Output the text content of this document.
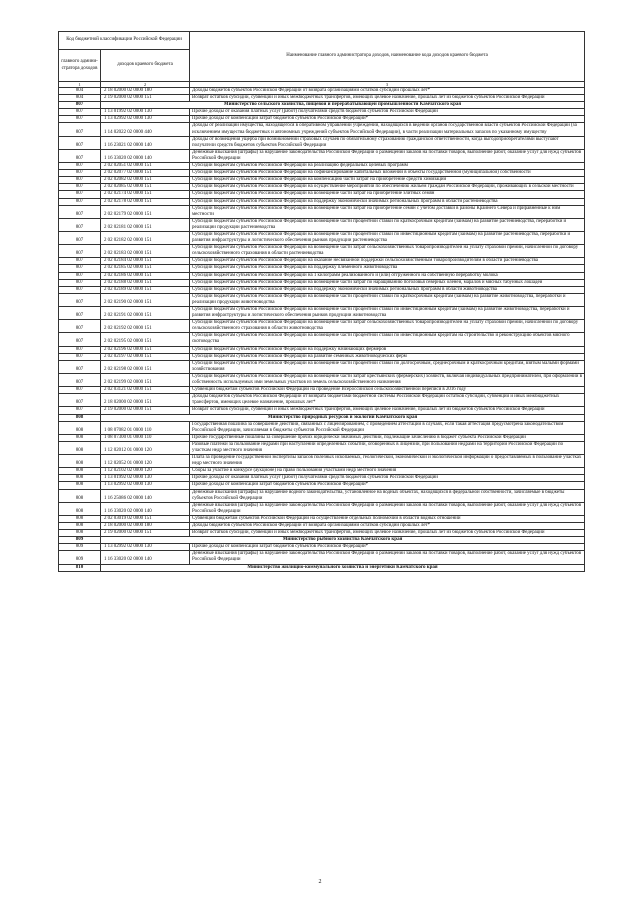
Код бюджетной классификации Российской Федерации		Наименование главного администратора доходов, наименование кода доходов краевого бюджета
главного админи-стратора доходов	доходов краевого бюджета	
1	2	3
804	2 18 02000 02 0000 180	Доходы бюджетов субъектов Российской Федерации от возврата организациями остатков субсидий прошлых лет*
804	2 19 02000 02 0000 151	Возврат остатков субсидий, субвенций и иных межбюджетных трансфертов, имеющих целевое назначение, прошлых лет из бюджетов субъектов Российской Федерации
807	Министерство сельского хозяйства, пищевой и перерабатывающей промышленности Камчатского края	
807	1 13 01992 02 0000 130	Прочие доходы от оказания платных услуг (работ) получателями средств бюджетов субъектов Российской Федерации
807	1 13 02992 02 0000 130	Прочие доходы от компенсации затрат бюджетов субъектов Российской Федерации*
807	1 14 02022 02 0000 440	Доходы от реализации имущества, находящегося в оперативном управлении учреждений, находящихся в ведении органов государственной власти субъектов Российской Федерации (за исключением имущества бюджетных и автономных учреждений субъектов Российской Федерации), в части реализации материальных запасов по указанному имуществу
807	1 16 23021 02 0000 140	Доходы от возмещения ущерба при возникновении страховых случаев по обязательному страхованию гражданской ответственности, когда выгодоприобретателями выступают получатели средств бюджетов субъектов Российской Федерации
807	1 16 33020 02 0000 140	Денежные взыскания (штрафы) за нарушение законодательства Российской Федерации о размещении заказов на поставки товаров, выполнение работ, оказание услуг для нужд субъектов Российской Федерации
807	2 02 02051 02 0000 151	Субсидии бюджетам субъектов Российской Федерации на реализацию федеральных целевых программ
807	2 02 02077 02 0000 151	Субсидии бюджетам субъектов Российской Федерации на софинансирование капитальных вложений в объекты государственной (муниципальной) собственности
807	2 02 02082 02 0000 151	Субсидии бюджетам субъектов Российской Федерации на компенсацию части затрат на приобретение средств химизации
807	2 02 02085 02 0000 151	Субсидии бюджетам субъектов Российской Федерации на осуществление мероприятий по обеспечению жильем граждан Российской Федерации, проживающих в сельской местности
807	2 02 02174 02 0000 151	Субсидии бюджетам субъектов Российской Федерации на возмещение части затрат на приобретение элитных семян
807	2 02 02178 02 0000 151	Субсидии бюджетам субъектов Российской Федерации на поддержку экономически значимых региональных программ в области растениеводства
807	2 02 02179 02 0000 151	Субсидии бюджетам субъектов Российской Федерации на возмещение части затрат на приобретение семян с учетом доставки в районы Крайнего Севера и приравненные к ним местности
807	2 02 02181 02 0000 151	Субсидии бюджетам субъектов Российской Федерации на возмещение части процентной ставки по краткосрочным кредитам (займам) на развитие растениеводства, переработки и реализации продукции растениеводства
807	2 02 02182 02 0000 151	Субсидии бюджетам субъектов Российской Федерации на возмещение части процентной ставки по инвестиционным кредитам (займам) на развитие растениеводства, переработки и развития инфраструктуры и логистического обеспечения рынков продукции растениеводства
807	2 02 02183 02 0000 151	Субсидии бюджетам субъектов Российской Федерации на возмещение части затрат сельскохозяйственных товаропроизводителей на уплату страховой премии, начисленной по договору сельскохозяйственного страхования в области растениеводства
807	2 02 02184 02 0000 151	Субсидии бюджетам субъектов Российской Федерации на оказание несвязанной поддержки сельскохозяйственным товаропроизводителям в области растениеводства
807	2 02 02185 02 0000 151	Субсидии бюджетам субъектов Российской Федерации на поддержку племенного животноводства
807	2 02 02186 02 0000 151	Субсидии бюджетам субъектов Российской Федерации на 1 килограмм реализованного и (или) отгруженного на собственную переработку молока
807	2 02 02188 02 0000 151	Субсидии бюджетам субъектов Российской Федерации на возмещение части затрат по наращиванию поголовья северных оленей, маралов и мясных табунных лошадей
807	2 02 02189 02 0000 151	Субсидии бюджетам субъектов Российской Федерации на поддержку экономически значимых региональных программ в области животноводства
807	2 02 02190 02 0000 151	Субсидии бюджетам субъектов Российской Федерации на возмещение части процентной ставки по краткосрочным кредитам (займам) на развитие животноводства, переработки и реализации продукции животноводства
807	2 02 02191 02 0000 151	Субсидии бюджетам субъектов Российской Федерации на возмещение части процентной ставки по инвестиционным кредитам (займам) на развитие животноводства, переработки и развития инфраструктуры и логистического обеспечения рынков продукции животноводства
807	2 02 02192 02 0000 151	Субсидии бюджетам субъектов Российской Федерации на возмещение части затрат сельскохозяйственных товаропроизводителей на уплату страховой премии, начисленной по договору сельскохозяйственного страхования в области животноводства
807	2 02 02195 02 0000 151	Субсидии бюджетам субъектов Российской Федерации на возмещение части процентной ставки по инвестиционным кредитам на строительство и реконструкцию объектов мясного скотоводства
807	2 02 02196 02 0000 151	Субсидии бюджетам субъектов Российской Федерации на поддержку начинающих фермеров
807	2 02 02197 02 0000 151	Субсидии бюджетам субъектов Российской Федерации на развитие семейных животноводческих ферм
807	2 02 02198 02 0000 151	Субсидии бюджетам субъектов Российской Федерации на возмещение части процентной ставки по долгосрочным, среднесрочным и краткосрочным кредитам, взятым малыми формами хозяйствования
807	2 02 02199 02 0000 151	Субсидии бюджетам субъектов Российской Федерации на возмещение части затрат крестьянских (фермерских) хозяйств, включая индивидуальных предпринимателей, при оформлении в собственность используемых ими земельных участков из земель сельскохозяйственного назначения
807	2 02 03121 02 0000 151	Субвенции бюджетам субъектов Российской Федерации на проведение Всероссийской сельскохозяйственной переписи в 2016 году
807	2 18 02000 02 0000 151	Доходы бюджетов субъектов Российской Федерации от возврата бюджетами бюджетной системы Российской Федерации остатков субсидий, субвенций и иных межбюджетных трансфертов, имеющих целевое назначение, прошлых лет*
807	2 19 02000 02 0000 151	Возврат остатков субсидий, субвенций и иных межбюджетных трансфертов, имеющих целевое назначение, прошлых лет из бюджетов субъектов Российской Федерации
808	Министерство природных ресурсов и экологии Камчатского края	
808	1 08 07082 01 0000 110	Государственная пошлина за совершение действий, связанных с лицензированием, с проведением аттестации в случаях, если такая аттестация предусмотрена законодательством Российской Федерации, зачисляемая в бюджеты субъектов Российской Федерации
808	1 08 07300 01 0000 110	Прочие государственные пошлины за совершение прочих юридически значимых действий, подлежащие зачислению в бюджет субъекта Российской Федерации
808	1 12 02012 01 0000 120	Разовые платежи за пользование недрами при наступлении определенных событий, оговоренных в лицензии, при пользовании недрами на территории Российской Федерации по участкам недр местного значения
808	1 12 02052 01 0000 120	Плата за проведение государственной экспертизы запасов полезных ископаемых, геологической, экономической и экологической информации о предоставляемых в пользование участках недр местного значения
808	1 12 02102 02 0000 120	Сборы за участие в конкурсе (аукционе) на право пользования участками недр местного значения
808	1 13 01992 02 0000 130	Прочие доходы от оказания платных услуг (работ) получателями средств бюджетов субъектов Российской Федерации
808	1 13 02992 02 0000 130	Прочие доходы от компенсации затрат бюджетов субъектов Российской Федерации*
808	1 16 25086 02 0000 140	Денежные взыскания (штрафы) за нарушение водного законодательства, установленное на водных объектах, находящихся в федеральной собственности, зачисляемые в бюджеты субъектов Российской Федерации
808	1 16 33020 02 0000 140	Денежные взыскания (штрафы) за нарушение законодательства Российской Федерации о размещении заказов на поставки товаров, выполнение работ, оказание услуг для нужд субъектов Российской Федерации
808	2 02 03019 02 0000 151	Субвенции бюджетам субъектов Российской Федерации на осуществление отдельных полномочий в области водных отношений
808	2 18 02000 02 0000 180	Доходы бюджетов субъектов Российской Федерации от возврата организациями остатков субсидий прошлых лет*
808	2 19 02000 02 0000 151	Возврат остатков субсидий, субвенций и иных межбюджетных трансфертов, имеющих целевое назначение, прошлых лет из бюджетов субъектов Российской Федерации
809	Министерство рыбного хозяйства Камчатского края	
809	1 13 02992 02 0000 130	Прочие доходы от компенсации затрат бюджетов субъектов Российской Федерации*
809	1 16 33020 02 0000 140	Денежные взыскания (штрафы) за нарушение законодательства Российской Федерации о размещении заказов на поставки товаров, выполнение работ, оказание услуг для нужд субъектов Российской Федерации
810	Министерство жилищно-коммунального хозяйства и энергетики Камчатского края	
2
